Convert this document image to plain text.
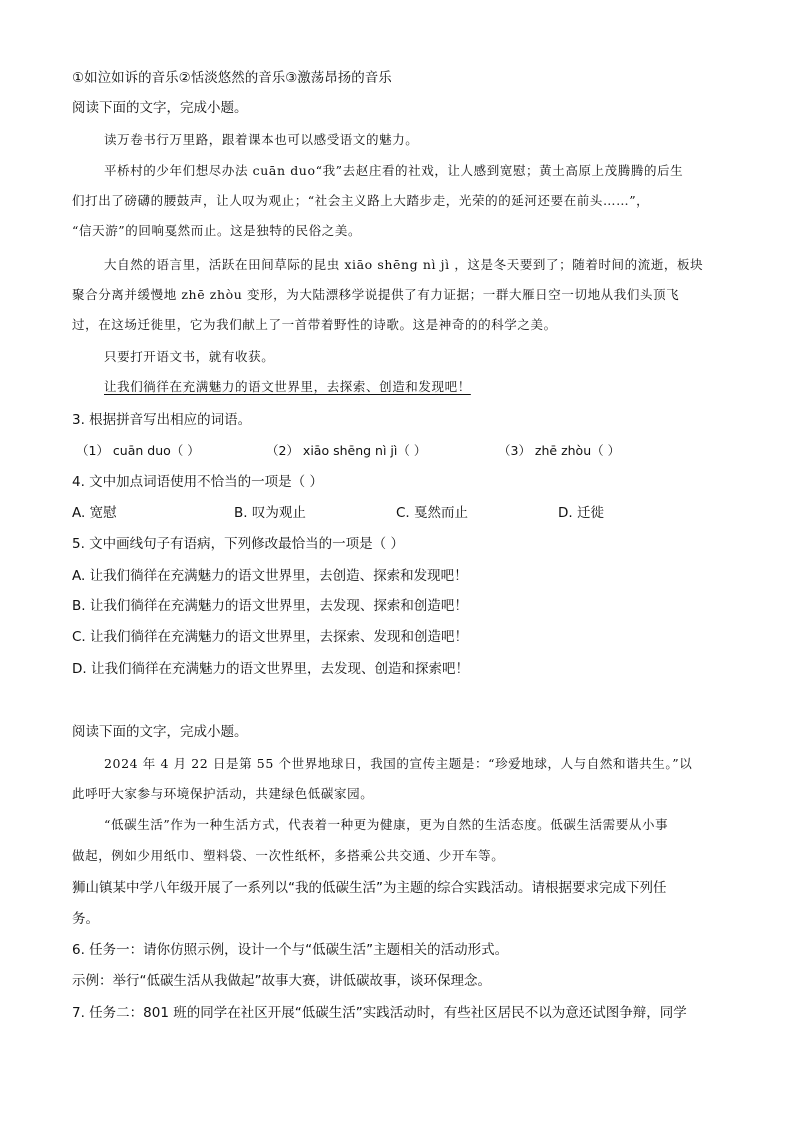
①如泣如诉的音乐②恬淡悠然的音乐③激荡昂扬的音乐
阅读下面的文字，完成小题。
读万卷书行万里路，跟着课本也可以感受语文的魅力。
平桥村的少年们想尽办法 cuān duo“我”去赵庄看的社戏，让人感到宽慰；黄土高原上茂腾腾的后生
们打出了磅礴的腰鼓声，让人叹为观止；“社会主义路上大踏步走，光荣的的延河还要在前头……”，
“信天游”的回响戛然而止。这是独特的民俗之美。
大自然的语言里，活跃在田间草际的昆虫 xiāo shēng nì jì ，这是冬天要到了；随着时间的流逝，板块
聚合分离并缓慢地 zhē zhòu 变形，为大陆漂移学说提供了有力证据；一群大雁日空一切地从我们头顶飞
过，在这场迁徙里，它为我们献上了一首带着野性的诗歌。这是神奇的的科学之美。
只要打开语文书，就有收获。
让我们徜徉在充满魅力的语文世界里，去探索、创造和发现吧！
3. 根据拼音写出相应的词语。
（1） cuān duo（ ）	（2） xiāo shēng nì jì（ ）	（3） zhē zhòu（ ）
4. 文中加点词语使用不恰当的一项是（ ）
A. 宽慰	B. 叹为观止	C. 戛然而止	D. 迁徙
5. 文中画线句子有语病，下列修改最恰当的一项是（ ）
A. 让我们徜徉在充满魅力的语文世界里，去创造、探索和发现吧！
B. 让我们徜徉在充满魅力的语文世界里，去发现、探索和创造吧！
C. 让我们徜徉在充满魅力的语文世界里，去探索、发现和创造吧！
D. 让我们徜徉在充满魅力的语文世界里，去发现、创造和探索吧！
阅读下面的文字，完成小题。
2024 年 4 月 22 日是第 55 个世界地球日，我国的宣传主题是：“珍爱地球，人与自然和谐共生。”以
此呼吁大家参与环境保护活动，共建绿色低碳家园。
“低碳生活”作为一种生活方式，代表着一种更为健康，更为自然的生活态度。低碳生活需要从小事
做起，例如少用纸巾、塑料袋、一次性纸杯，多搭乘公共交通、少开车等。
狮山镇某中学八年级开展了一系列以“我的低碳生活”为主题的综合实践活动。请根据要求完成下列任
务。
6. 任务一：请你仿照示例，设计一个与“低碳生活”主题相关的活动形式。
示例：举行“低碳生活从我做起”故事大赛，讲低碳故事，谈环保理念。
7. 任务二：801 班的同学在社区开展“低碳生活”实践活动时，有些社区居民不以为意还试图争辩，同学
